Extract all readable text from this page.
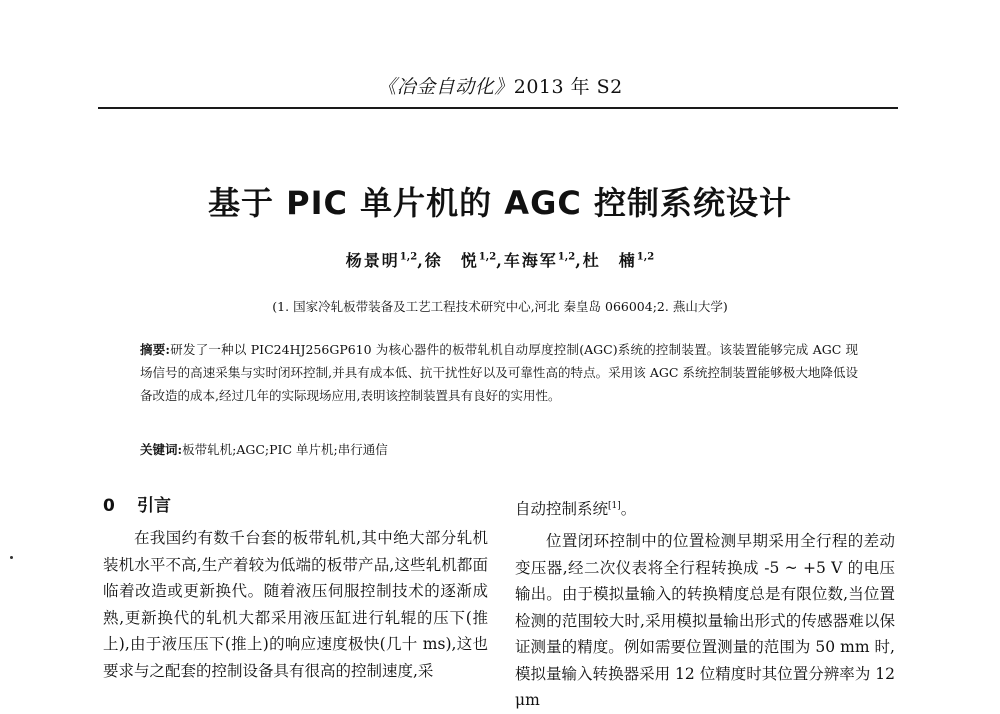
《冶金自动化》2013 年 S2
基于 PIC 单片机的 AGC 控制系统设计
杨景明$^{1,2}$,徐　悦$^{1,2}$,车海军$^{1,2}$,杜　楠$^{1,2}$
(1. 国家冷轧板带装备及工艺工程技术研究中心,河北 秦皇岛 066004;2. 燕山大学)
摘要:研发了一种以 PIC24HJ256GP610 为核心器件的板带轧机自动厚度控制(AGC)系统的控制装置。该装置能够完成 AGC 现场信号的高速采集与实时闭环控制,并具有成本低、抗干扰性好以及可靠性高的特点。采用该 AGC 系统控制装置能够极大地降低设备改造的成本,经过几年的实际现场应用,表明该控制装置具有良好的实用性。
关键词:板带轧机;AGC;PIC 单片机;串行通信
0 引言

在我国约有数千台套的板带轧机,其中绝大部分轧机装机水平不高,生产着较为低端的板带产品,这些轧机都面临着改造或更新换代。随着液压伺服控制技术的逐渐成熟,更新换代的轧机大都采用液压缸进行轧辊的压下(推上),由于液压压下(推上)的响应速度极快(几十 ms),这也要求与之配套的控制设备具有很高的控制速度,采

自动控制系统[1]。

位置闭环控制中的位置检测早期采用全行程的差动变压器,经二次仪表将全行程转换成 -5 ~ +5 V 的电压输出。由于模拟量输入的转换精度总是有限位数,当位置检测的范围较大时,采用模拟量输出形式的传感器难以保证测量的精度。例如需要位置测量的范围为 50 mm 时,模拟量输入转换器采用 12 位精度时其位置分辨率为 12 μm
